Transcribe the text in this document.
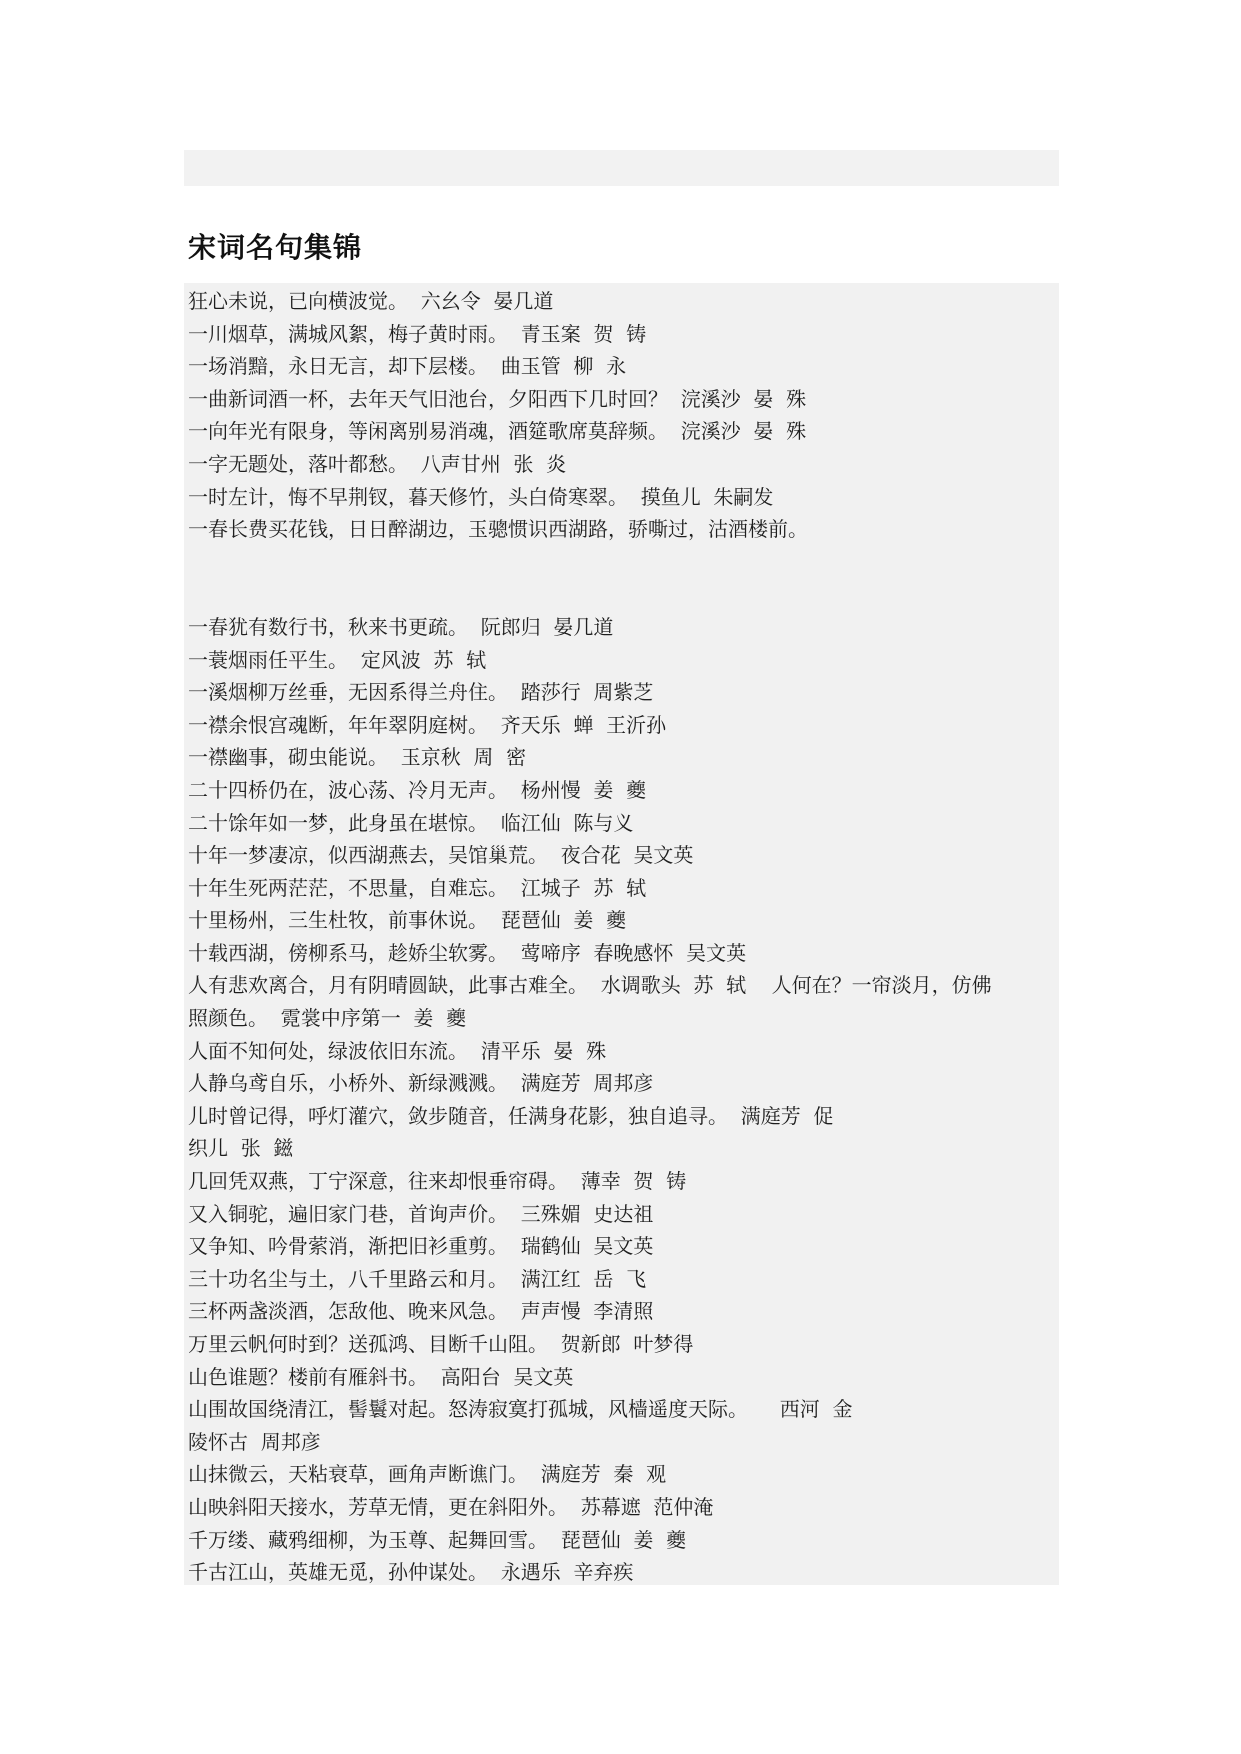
宋词名句集锦
狂心未说，已向横波觉。  六幺令  晏几道
一川烟草，满城风絮，梅子黄时雨。  青玉案  贺  铸
一场消黯，永日无言，却下层楼。  曲玉管  柳  永
一曲新词酒一杯，去年天气旧池台，夕阳西下几时回？  浣溪沙  晏  殊
一向年光有限身，等闲离别易消魂，酒筵歌席莫辞频。  浣溪沙  晏  殊
一字无题处，落叶都愁。  八声甘州  张  炎
一时左计，悔不早荆钗，暮天修竹，头白倚寒翠。  摸鱼儿  朱嗣发
一春长费买花钱，日日醉湖边，玉骢惯识西湖路，骄嘶过，沽酒楼前。
一春犹有数行书，秋来书更疏。  阮郎归  晏几道
一蓑烟雨任平生。  定风波  苏  轼
一溪烟柳万丝垂，无因系得兰舟住。  踏莎行  周紫芝
一襟余恨宫魂断，年年翠阴庭树。  齐天乐  蝉  王沂孙
一襟幽事，砌虫能说。  玉京秋  周  密
二十四桥仍在，波心荡、冷月无声。  杨州慢  姜  夔
二十馀年如一梦，此身虽在堪惊。  临江仙  陈与义
十年一梦凄凉，似西湖燕去，吴馆巢荒。  夜合花  吴文英
十年生死两茫茫，不思量，自难忘。  江城子  苏  轼
十里杨州，三生杜牧，前事休说。  琵琶仙  姜  夔
十载西湖，傍柳系马，趁娇尘软雾。  莺啼序  春晚感怀  吴文英
人有悲欢离合，月有阴晴圆缺，此事古难全。  水调歌头  苏  轼    人何在？一帘淡月，仿佛
照颜色。  霓裳中序第一  姜  夔
人面不知何处，绿波依旧东流。  清平乐  晏  殊
人静乌鸢自乐，小桥外、新绿溅溅。  满庭芳  周邦彦
儿时曾记得，呼灯灌穴，敛步随音，任满身花影，独自追寻。  满庭芳  促
织儿  张  鎡
几回凭双燕，丁宁深意，往来却恨垂帘碍。  薄幸  贺  铸
又入铜驼，遍旧家门巷，首询声价。  三殊媚  史达祖
又争知、吟骨萦消，渐把旧衫重剪。  瑞鹤仙  吴文英
三十功名尘与土，八千里路云和月。  满江红  岳  飞
三杯两盏淡酒，怎敌他、晚来风急。  声声慢  李清照
万里云帆何时到？送孤鸿、目断千山阻。  贺新郎  叶梦得
山色谁题？楼前有雁斜书。  高阳台  吴文英
山围故国绕清江，髻鬟对起。怒涛寂寞打孤城，风樯遥度天际。     西河  金
陵怀古  周邦彦
山抹微云，天粘衰草，画角声断谯门。  满庭芳  秦  观
山映斜阳天接水，芳草无情，更在斜阳外。  苏幕遮  范仲淹
千万缕、藏鸦细柳，为玉尊、起舞回雪。  琵琶仙  姜  夔
千古江山，英雄无觅，孙仲谋处。  永遇乐  辛弃疾
